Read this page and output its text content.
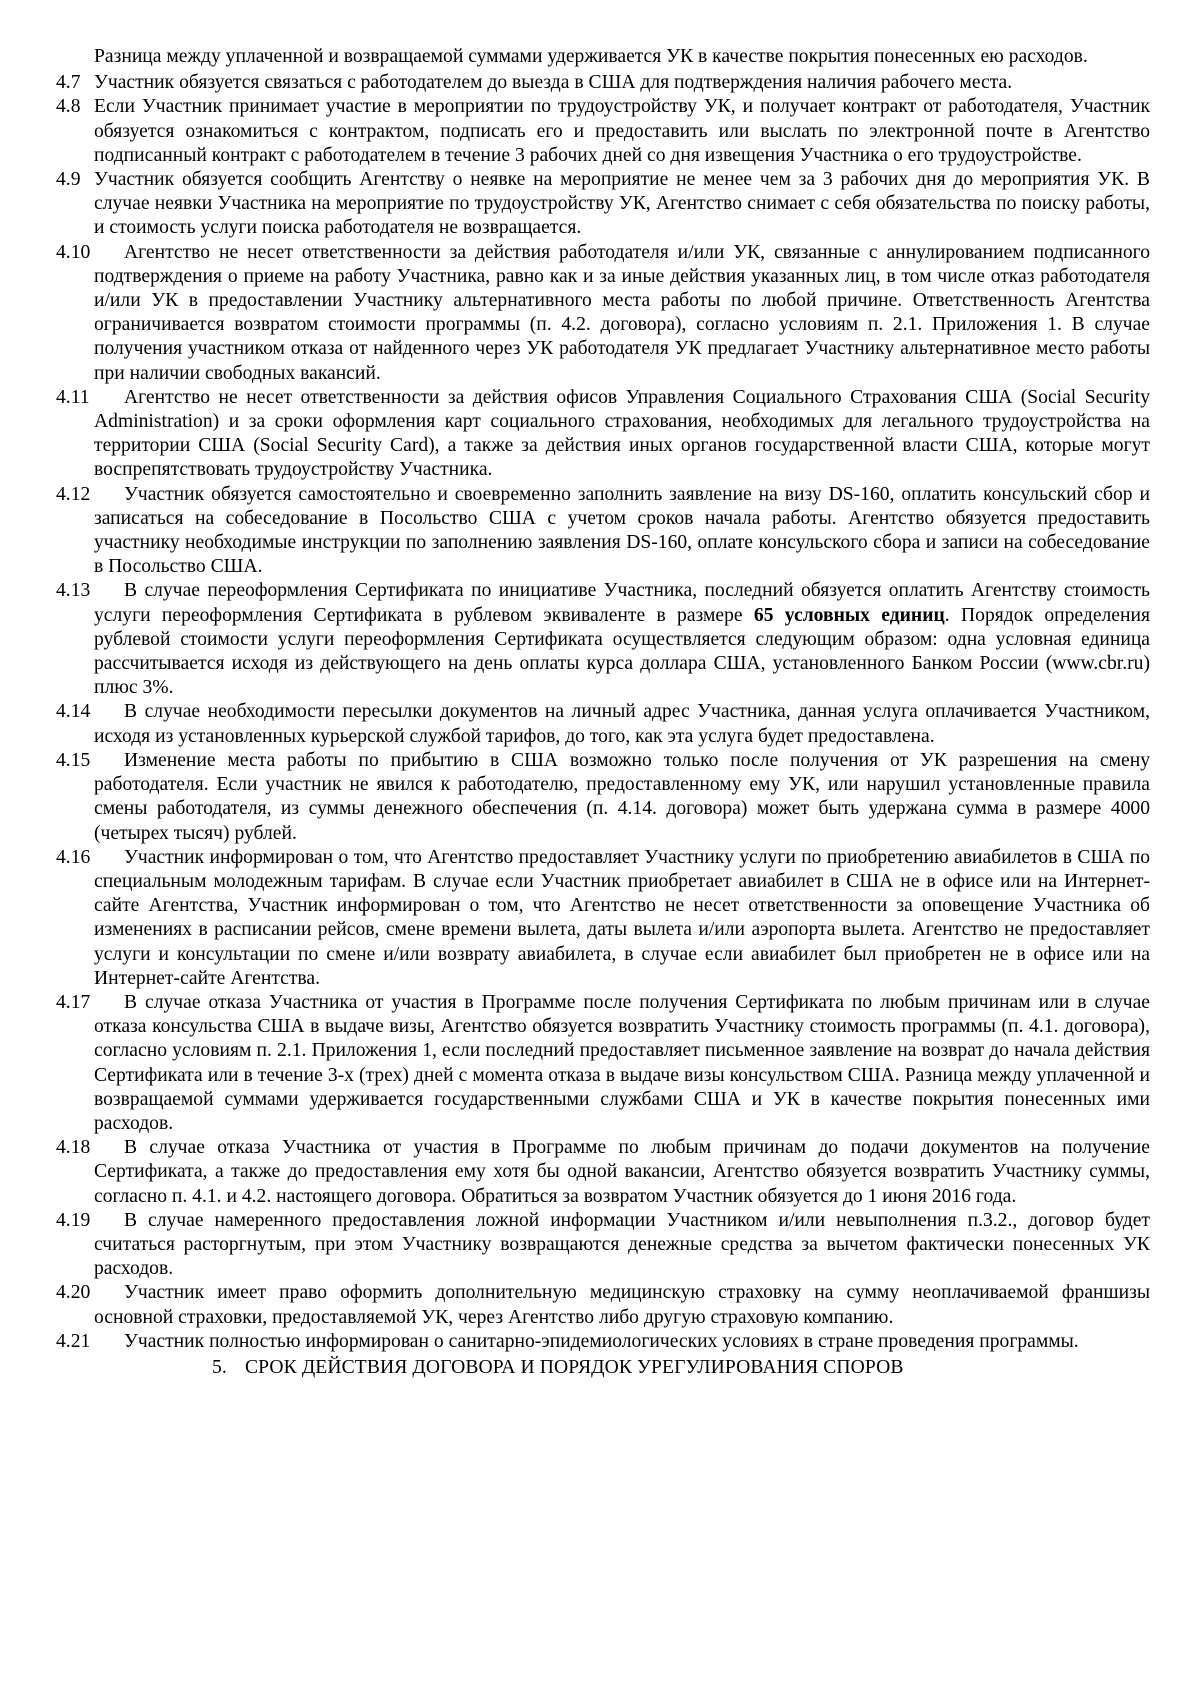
Разница между уплаченной и возвращаемой суммами удерживается УК в качестве покрытия понесенных ею расходов.

4.7 Участник обязуется связаться с работодателем до выезда в США для подтверждения наличия рабочего места.
4.8 Если Участник принимает участие в мероприятии по трудоустройству УК, и получает контракт от работодателя, Участник обязуется ознакомиться с контрактом, подписать его и предоставить или выслать по электронной почте в Агентство подписанный контракт с работодателем в течение 3 рабочих дней со дня извещения Участника о его трудоустройстве.
4.9 Участник обязуется сообщить Агентству о неявке на мероприятие не менее чем за 3 рабочих дня до мероприятия УК. В случае неявки Участника на мероприятие по трудоустройству УК, Агентство снимает с себя обязательства по поиску работы, и стоимость услуги поиска работодателя не возвращается.
4.10	Агентство не несет ответственности за действия работодателя и/или УК, связанные с аннулированием подписанного подтверждения о приеме на работу Участника, равно как и за иные действия указанных лиц, в том числе отказ работодателя и/или УК в предоставлении Участнику альтернативного места работы по любой причине. Ответственность Агентства ограничивается возвратом стоимости программы (п. 4.2. договора), согласно условиям п. 2.1. Приложения 1. В случае получения участником отказа от найденного через УК работодателя УК предлагает Участнику альтернативное место работы при наличии свободных вакансий.
4.11	Агентство не несет ответственности за действия офисов Управления Социального Страхования США (Social Security Administration) и за сроки оформления карт социального страхования, необходимых для легального трудоустройства на территории США (Social Security Card), а также за действия иных органов государственной власти США, которые могут воспрепятствовать трудоустройству Участника.
4.12	Участник обязуется самостоятельно и своевременно заполнить заявление на визу DS-160, оплатить консульский сбор и записаться на собеседование в Посольство США с учетом сроков начала работы. Агентство обязуется предоставить участнику необходимые инструкции по заполнению заявления DS-160, оплате консульского сбора и записи на собеседование в Посольство США.
4.13	В случае переоформления Сертификата по инициативе Участника, последний обязуется оплатить Агентству стоимость услуги переоформления Сертификата в рублевом эквиваленте в размере 65 условных единиц. Порядок определения рублевой стоимости услуги переоформления Сертификата осуществляется следующим образом: одна условная единица рассчитывается исходя из действующего на день оплаты курса доллара США, установленного Банком России (www.cbr.ru) плюс 3%.
4.14	В случае необходимости пересылки документов на личный адрес Участника, данная услуга оплачивается Участником, исходя из установленных курьерской службой тарифов, до того, как эта услуга будет предоставлена.
4.15	Изменение места работы по прибытию в США возможно только после получения от УК разрешения на смену работодателя. Если участник не явился к работодателю, предоставленному ему УК, или нарушил установленные правила смены работодателя, из суммы денежного обеспечения (п. 4.14. договора) может быть удержана сумма в размере 4000 (четырех тысяч) рублей.
4.16	Участник информирован о том, что Агентство предоставляет Участнику услуги по приобретению авиабилетов в США по специальным молодежным тарифам. В случае если Участник приобретает авиабилет в США не в офисе или на Интернет-сайте Агентства, Участник информирован о том, что Агентство не несет ответственности за оповещение Участника об изменениях в расписании рейсов, смене времени вылета, даты вылета и/или аэропорта вылета. Агентство не предоставляет услуги и консультации по смене и/или возврату авиабилета, в случае если авиабилет был приобретен не в офисе или на Интернет-сайте Агентства.
4.17	В случае отказа Участника от участия в Программе после получения Сертификата по любым причинам или в случае отказа консульства США в выдаче визы, Агентство обязуется возвратить Участнику стоимость программы (п. 4.1. договора), согласно условиям п. 2.1. Приложения 1, если последний предоставляет письменное заявление на возврат до начала действия Сертификата или в течение 3-х (трех) дней с момента отказа в выдаче визы консульством США. Разница между уплаченной и возвращаемой суммами удерживается государственными службами США и УК в качестве покрытия понесенных ими расходов.
4.18	В случае отказа Участника от участия в Программе по любым причинам до подачи документов на получение Сертификата, а также до предоставления ему хотя бы одной вакансии, Агентство обязуется возвратить Участнику суммы, согласно п. 4.1. и 4.2. настоящего договора. Обратиться за возвратом Участник обязуется до 1 июня 2016 года.
4.19	В случае намеренного предоставления ложной информации Участником и/или невыполнения п.3.2., договор будет считаться расторгнутым, при этом Участнику возвращаются денежные средства за вычетом фактически понесенных УК расходов.
4.20	Участник имеет право оформить дополнительную медицинскую страховку на сумму неоплачиваемой франшизы основной страховки, предоставляемой УК, через Агентство либо другую страховую компанию.
4.21	Участник полностью информирован о санитарно-эпидемиологических условиях в стране проведения программы.
5. СРОК ДЕЙСТВИЯ ДОГОВОРА И ПОРЯДОК УРЕГУЛИРОВАНИЯ СПОРОВ
